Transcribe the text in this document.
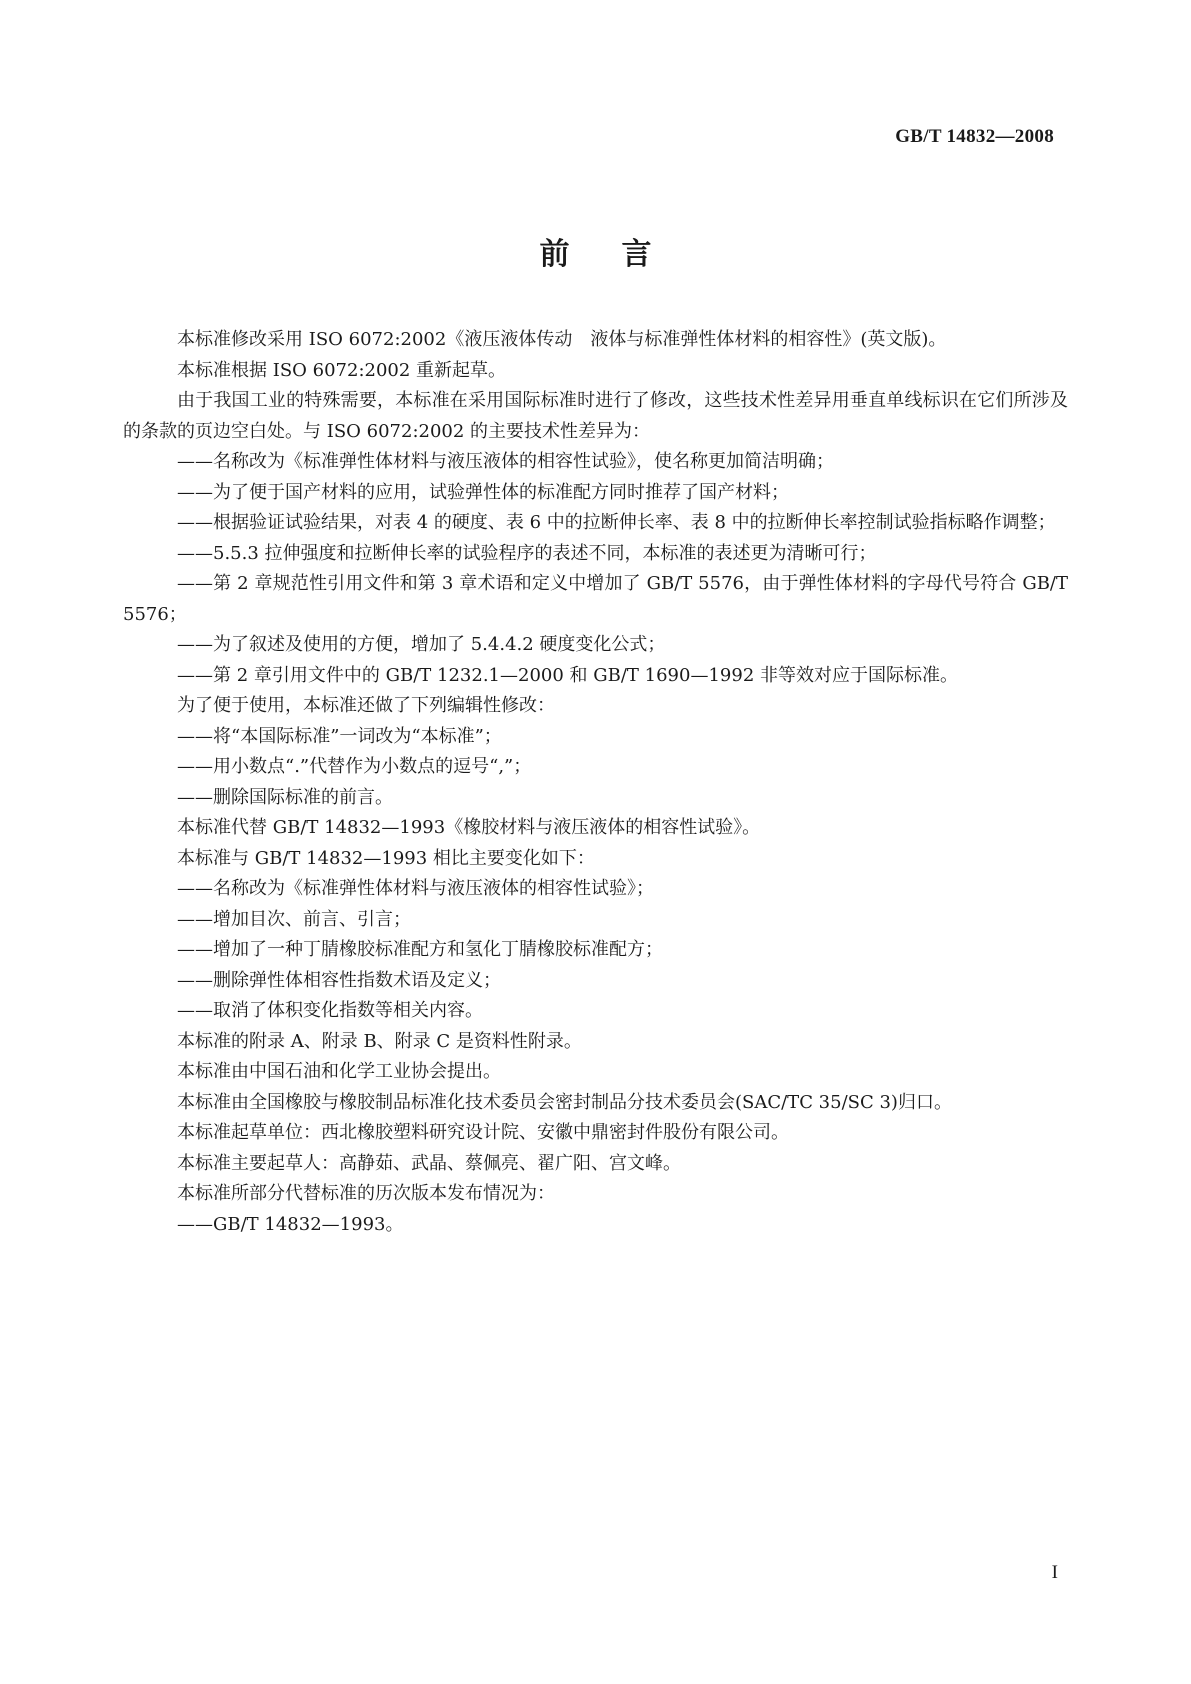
GB/T 14832—2008
前言

本标准修改采用 ISO 6072:2002《液压液体传动　液体与标准弹性体材料的相容性》(英文版)。

本标准根据 ISO 6072:2002 重新起草。

由于我国工业的特殊需要，本标准在采用国际标准时进行了修改，这些技术性差异用垂直单线标识在它们所涉及的条款的页边空白处。与 ISO 6072:2002 的主要技术性差异为：

——名称改为《标准弹性体材料与液压液体的相容性试验》，使名称更加简洁明确；

——为了便于国产材料的应用，试验弹性体的标准配方同时推荐了国产材料；

——根据验证试验结果，对表 4 的硬度、表 6 中的拉断伸长率、表 8 中的拉断伸长率控制试验指标略作调整；

——5.5.3 拉伸强度和拉断伸长率的试验程序的表述不同，本标准的表述更为清晰可行；

——第 2 章规范性引用文件和第 3 章术语和定义中增加了 GB/T 5576，由于弹性体材料的字母代号符合 GB/T 5576；

——为了叙述及使用的方便，增加了 5.4.4.2 硬度变化公式；

——第 2 章引用文件中的 GB/T 1232.1—2000 和 GB/T 1690—1992 非等效对应于国际标准。

为了便于使用，本标准还做了下列编辑性修改：

——将“本国际标准”一词改为“本标准”；

——用小数点“.”代替作为小数点的逗号“,”；

——删除国际标准的前言。

本标准代替 GB/T 14832—1993《橡胶材料与液压液体的相容性试验》。

本标准与 GB/T 14832—1993 相比主要变化如下：

——名称改为《标准弹性体材料与液压液体的相容性试验》；

——增加目次、前言、引言；

——增加了一种丁腈橡胶标准配方和氢化丁腈橡胶标准配方；

——删除弹性体相容性指数术语及定义；

——取消了体积变化指数等相关内容。

本标准的附录 A、附录 B、附录 C 是资料性附录。

本标准由中国石油和化学工业协会提出。

本标准由全国橡胶与橡胶制品标准化技术委员会密封制品分技术委员会(SAC/TC 35/SC 3)归口。

本标准起草单位：西北橡胶塑料研究设计院、安徽中鼎密封件股份有限公司。

本标准主要起草人：高静茹、武晶、蔡佩亮、翟广阳、宫文峰。

本标准所部分代替标准的历次版本发布情况为：

——GB/T 14832—1993。

I
